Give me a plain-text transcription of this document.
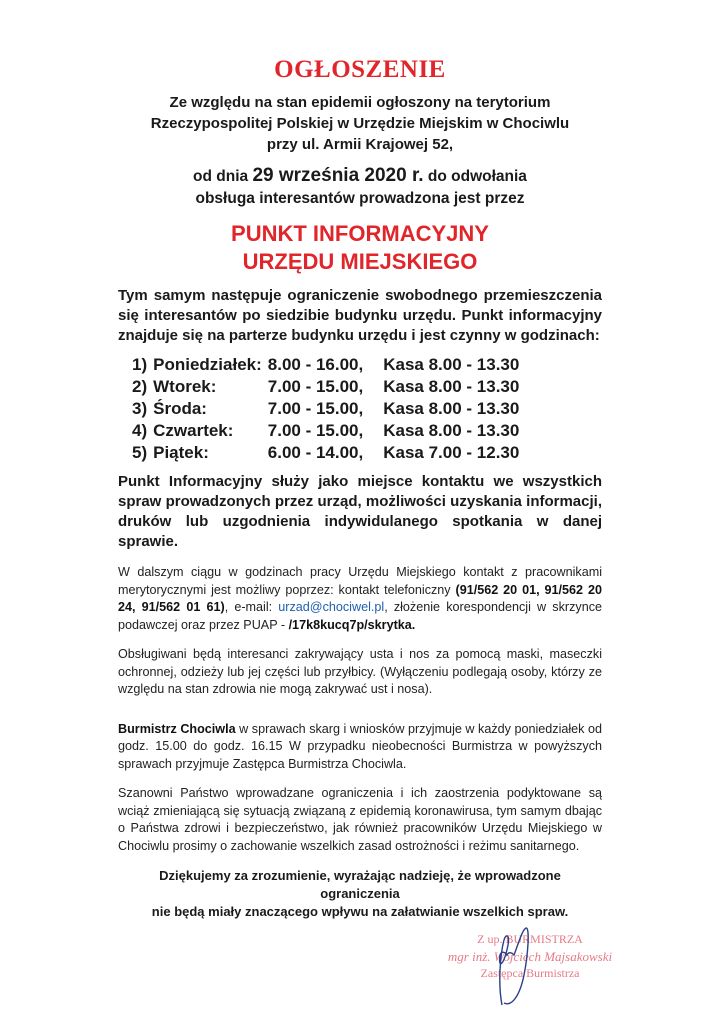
OGŁOSZENIE

Ze względu na stan epidemii ogłoszony na terytorium
Rzeczypospolitej Polskiej w Urzędzie Miejskim w Chociwlu
przy ul. Armii Krajowej 52,

od dnia 29 września 2020 r. do odwołania
obsługa interesantów prowadzona jest przez

PUNKT INFORMACYJNY
URZĘDU MIEJSKIEGO

Tym samym następuje ograniczenie swobodnego przemieszczenia się interesantów po siedzibie budynku urzędu. Punkt informacyjny znajduje się na parterze budynku urzędu i jest czynny w godzinach:

1) Poniedziałek: 8.00 - 16.00,	Kasa 8.00 - 13.30
2) Wtorek:	7.00 - 15.00,	Kasa 8.00 - 13.30
3) Środa:	7.00 - 15.00,	Kasa 8.00 - 13.30
4) Czwartek:	7.00 - 15.00,	Kasa 8.00 - 13.30
5) Piątek:	6.00 - 14.00,	Kasa 7.00 - 12.30

Punkt Informacyjny służy jako miejsce kontaktu we wszystkich spraw prowadzonych przez urząd, możliwości uzyskania informacji, druków lub uzgodnienia indywidulanego spotkania w danej sprawie.

W dalszym ciągu w godzinach pracy Urzędu Miejskiego kontakt z pracownikami merytorycznymi jest możliwy poprzez: kontakt telefoniczny (91/562 20 01, 91/562 20 24, 91/562 01 61), e-mail: urzad@chociwel.pl, złożenie korespondencji w skrzynce podawczej oraz przez PUAP - /17k8kucq7p/skrytka.

Obsługiwani będą interesanci zakrywający usta i nos za pomocą maski, maseczki ochronnej, odzieży lub jej części lub przyłbicy. (Wyłączeniu podlegają osoby, którzy ze względu na stan zdrowia nie mogą zakrywać ust i nosa).

Burmistrz Chociwla w sprawach skarg i wniosków przyjmuje w każdy poniedziałek od godz. 15.00 do godz. 16.15 W przypadku nieobecności Burmistrza w powyższych sprawach przyjmuje Zastępca Burmistrza Chociwla.

Szanowni Państwo wprowadzane ograniczenia i ich zaostrzenia podyktowane są wciąż zmieniającą się sytuacją związaną z epidemią koronawirusa, tym samym dbając o Państwa zdrowi i bezpieczeństwo, jak również pracowników Urzędu Miejskiego w Chociwlu prosimy o zachowanie wszelkich zasad ostrożności i reżimu sanitarnego.

Dziękujemy za zrozumienie, wyrażając nadzieję, że wprowadzone ograniczenia
nie będą miały znaczącego wpływu na załatwianie wszelkich spraw.
Z up. BURMISTRZA
mgr inż. Wojciech Majsakowski
Zastępca Burmistrza
